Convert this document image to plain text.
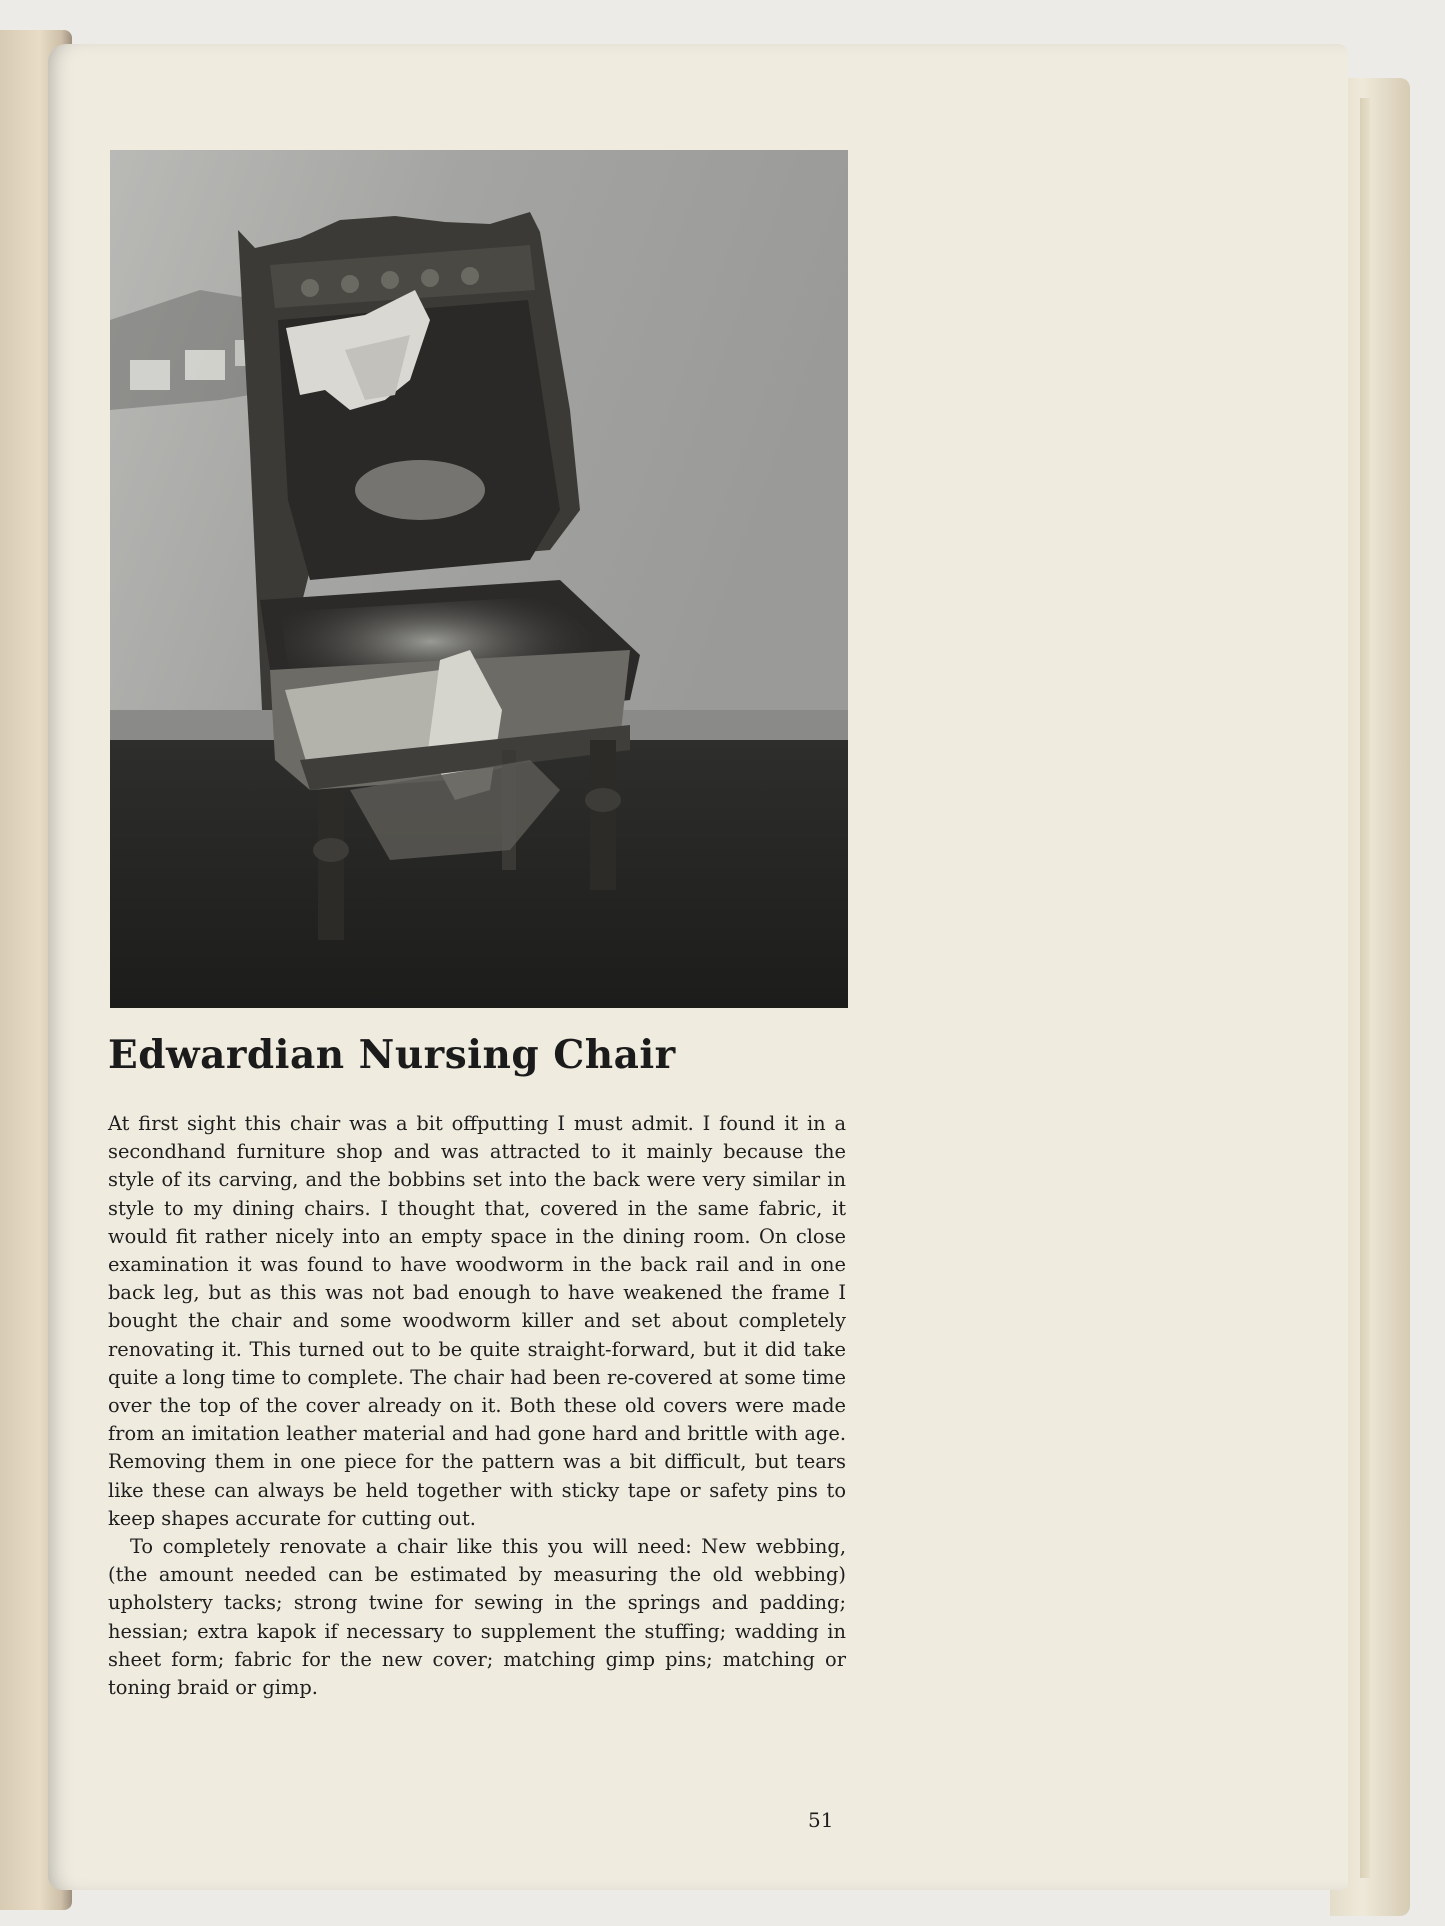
Edwardian Nursing Chair

At first sight this chair was a bit offputting I must admit. I found it in a secondhand furniture shop and was attracted to it mainly because the style of its carving, and the bobbins set into the back were very similar in style to my dining chairs. I thought that, covered in the same fabric, it would fit rather nicely into an empty space in the dining room. On close examination it was found to have woodworm in the back rail and in one back leg, but as this was not bad enough to have weakened the frame I bought the chair and some woodworm killer and set about completely renovating it. This turned out to be quite straight-forward, but it did take quite a long time to complete. The chair had been re-covered at some time over the top of the cover already on it. Both these old covers were made from an imitation leather material and had gone hard and brittle with age. Removing them in one piece for the pattern was a bit difficult, but tears like these can always be held together with sticky tape or safety pins to keep shapes accurate for cutting out.

To completely renovate a chair like this you will need: New webbing, (the amount needed can be estimated by measuring the old webbing) upholstery tacks; strong twine for sewing in the springs and padding; hessian; extra kapok if necessary to supplement the stuffing; wadding in sheet form; fabric for the new cover; matching gimp pins; matching or toning braid or gimp.

51
